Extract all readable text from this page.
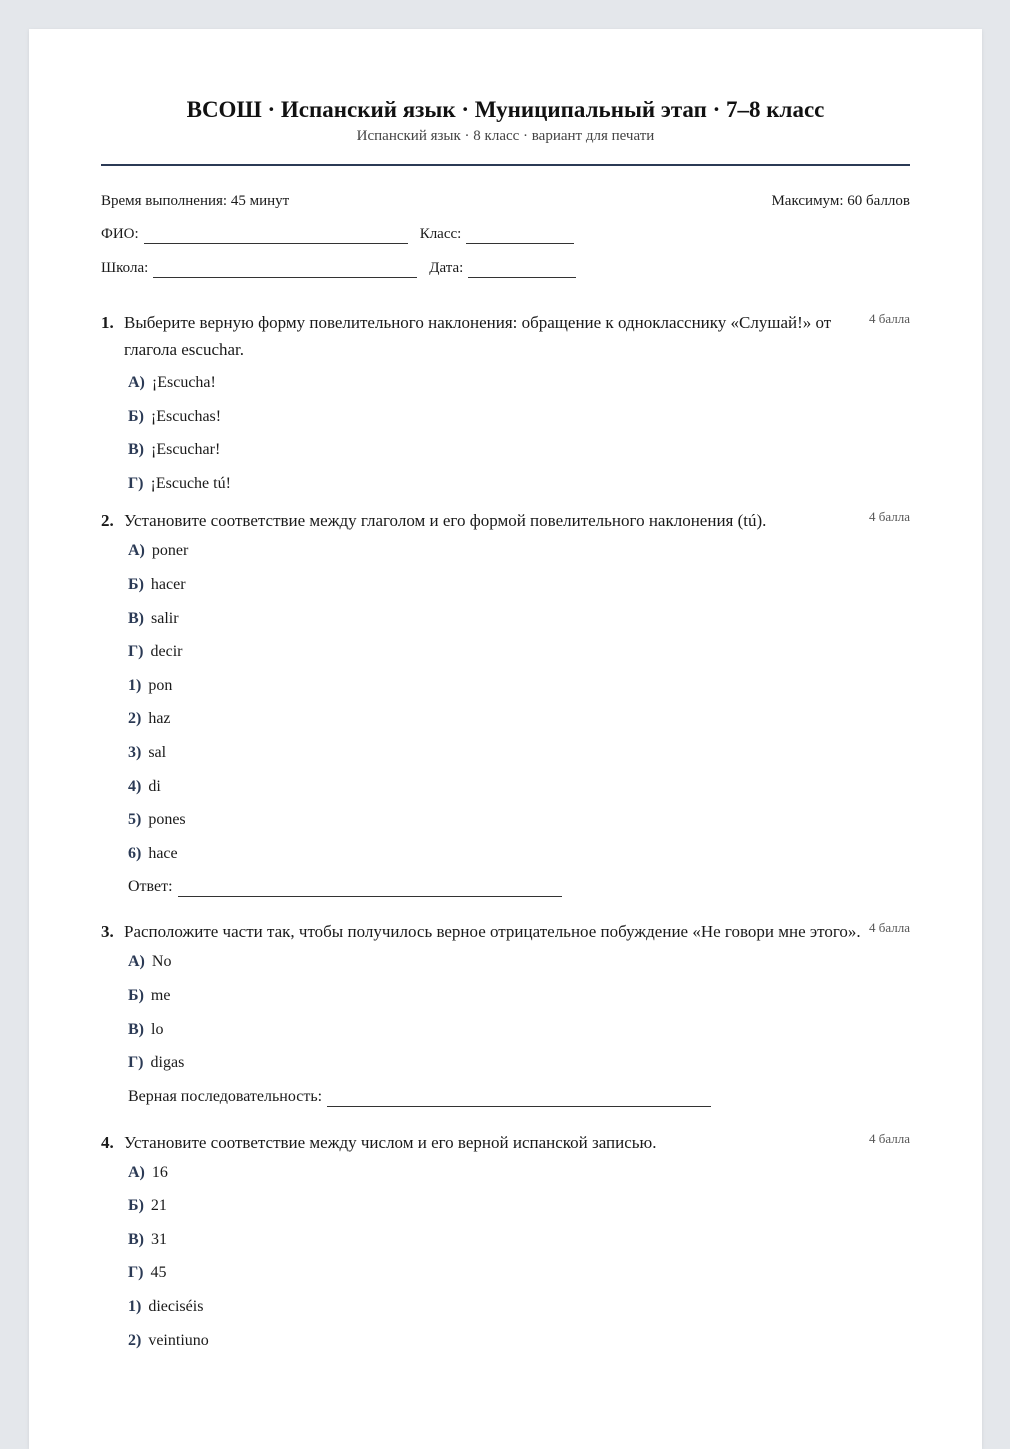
ВСОШ · Испанский язык · Муниципальный этап · 7–8 класс
Испанский язык · 8 класс · вариант для печати
Время выполнения: 45 минут	Максимум: 60 баллов
ФИО:	Класс:
Школа:	Дата:
1. Выберите верную форму повелительного наклонения: обращение к однокласснику «Слушай!» от глагола escuchar.
4 балла
А) ¡Escucha!
Б) ¡Escuchas!
В) ¡Escuchar!
Г) ¡Escuche tú!
2. Установите соответствие между глаголом и его формой повелительного наклонения (tú).	4 балла
А) poner
Б) hacer
В) salir
Г) decir
1) pon
2) haz
3) sal
4) di
5) pones
6) hace
Ответ:
3. Расположите части так, чтобы получилось верное отрицательное побуждение «Не говори мне этого». 4 балла
А) No
Б) me
В) lo
Г) digas
Верная последовательность:
4. Установите соответствие между числом и его верной испанской записью.	4 балла
А) 16
Б) 21
В) 31
Г) 45
1) dieciséis
2) veintiuno
